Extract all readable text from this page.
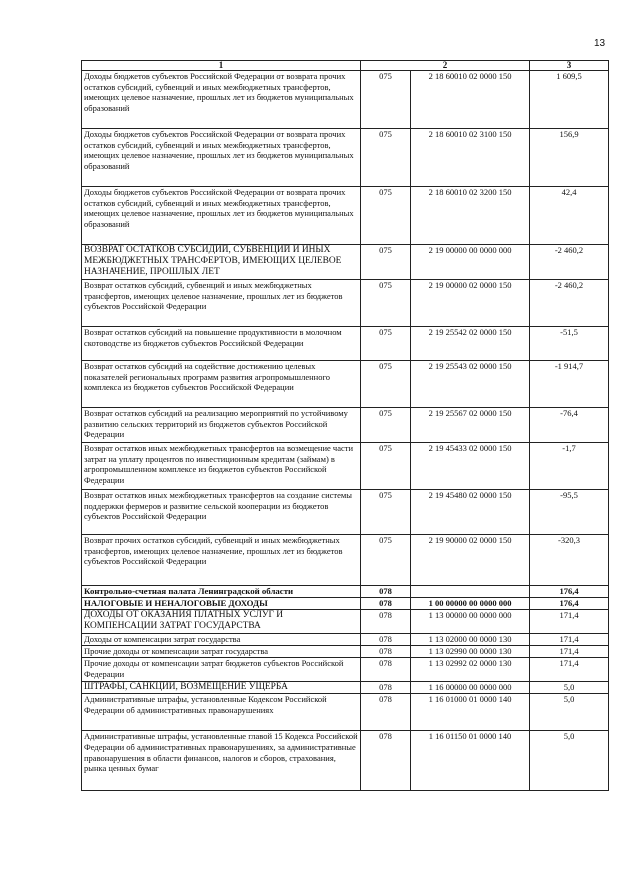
13
1	2		3
Доходы бюджетов субъектов Российской Федерации от возврата прочих остатков субсидий, субвенций и иных межбюджетных трансфертов, имеющих целевое назначение, прошлых лет из бюджетов муниципальных образований	075	2 18 60010 02 0000 150	1 609,5
Доходы бюджетов субъектов Российской Федерации от возврата прочих остатков субсидий, субвенций и иных межбюджетных трансфертов, имеющих целевое назначение, прошлых лет из бюджетов муниципальных образований	075	2 18 60010 02 3100 150	156,9
Доходы бюджетов субъектов Российской Федерации от возврата прочих остатков субсидий, субвенций и иных межбюджетных трансфертов, имеющих целевое назначение, прошлых лет из бюджетов муниципальных образований	075	2 18 60010 02 3200 150	42,4
ВОЗВРАТ ОСТАТКОВ СУБСИДИЙ, СУБВЕНЦИЙ И ИНЫХ МЕЖБЮДЖЕТНЫХ ТРАНСФЕРТОВ, ИМЕЮЩИХ ЦЕЛЕВОЕ НАЗНАЧЕНИЕ, ПРОШЛЫХ ЛЕТ	075	2 19 00000 00 0000 000	-2 460,2
Возврат остатков субсидий, субвенций и иных межбюджетных трансфертов, имеющих целевое назначение, прошлых лет из бюджетов субъектов Российской Федерации	075	2 19 00000 02 0000 150	-2 460,2
Возврат остатков субсидий на повышение продуктивности в молочном скотоводстве из бюджетов субъектов Российской Федерации	075	2 19 25542 02 0000 150	-51,5
Возврат остатков субсидий на содействие достижению целевых показателей региональных программ развития агропромышленного комплекса из бюджетов субъектов Российской Федерации	075	2 19 25543 02 0000 150	-1 914,7
Возврат остатков субсидий на реализацию мероприятий по устойчивому развитию сельских территорий из бюджетов субъектов Российской Федерации	075	2 19 25567 02 0000 150	-76,4
Возврат остатков иных межбюджетных трансфертов на возмещение части затрат на уплату процентов по инвестиционным кредитам (займам) в агропромышленном комплексе из бюджетов субъектов Российской Федерации	075	2 19 45433 02 0000 150	-1,7
Возврат остатков иных межбюджетных трансфертов на создание системы поддержки фермеров и развитие сельской кооперации из бюджетов субъектов Российской Федерации	075	2 19 45480 02 0000 150	-95,5
Возврат прочих остатков субсидий, субвенций и иных межбюджетных трансфертов, имеющих целевое назначение, прошлых лет из бюджетов субъектов Российской Федерации	075	2 19 90000 02 0000 150	-320,3
Контрольно-счетная палата Ленинградской области	078		176,4
НАЛОГОВЫЕ И НЕНАЛОГОВЫЕ ДОХОДЫ	078	1 00 00000 00 0000 000	176,4
ДОХОДЫ ОТ ОКАЗАНИЯ ПЛАТНЫХ УСЛУГ И КОМПЕНСАЦИИ ЗАТРАТ ГОСУДАРСТВА	078	1 13 00000 00 0000 000	171,4
Доходы от компенсации затрат государства	078	1 13 02000 00 0000 130	171,4
Прочие доходы от компенсации затрат государства	078	1 13 02990 00 0000 130	171,4
Прочие доходы от компенсации затрат бюджетов субъектов Российской Федерации	078	1 13 02992 02 0000 130	171,4
ШТРАФЫ, САНКЦИИ, ВОЗМЕЩЕНИЕ УЩЕРБА	078	1 16 00000 00 0000 000	5,0
Административные штрафы, установленные Кодексом Российской Федерации об административных правонарушениях	078	1 16 01000 01 0000 140	5,0
Административные штрафы, установленные главой 15 Кодекса Российской Федерации об административных правонарушениях, за административные правонарушения в области финансов, налогов и сборов, страхования, рынка ценных бумаг	078	1 16 01150 01 0000 140	5,0
